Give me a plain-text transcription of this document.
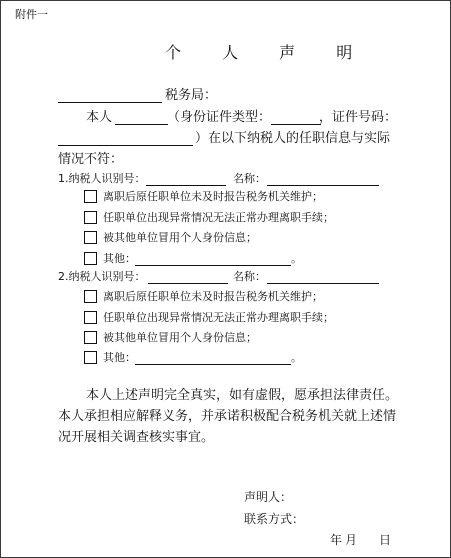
附件一
个 人 声 明
税务局：
本人	（身份证件类型：	，证件号码：
）在以下纳税人的任职信息与实际
情况不符：
1.纳税人识别号：	名称：
离职后原任职单位未及时报告税务机关维护；
任职单位出现异常情况无法正常办理离职手续；
被其他单位冒用个人身份信息；
其他：	。
2.纳税人识别号：	名称：
离职后原任职单位未及时报告税务机关维护；
任职单位出现异常情况无法正常办理离职手续；
被其他单位冒用个人身份信息；
其他：	。
本人上述声明完全真实，如有虚假，愿承担法律责任。
本人承担相应解释义务，并承诺积极配合税务机关就上述情
况开展相关调查核实事宜。
声明人：
联系方式：
年 月 日
